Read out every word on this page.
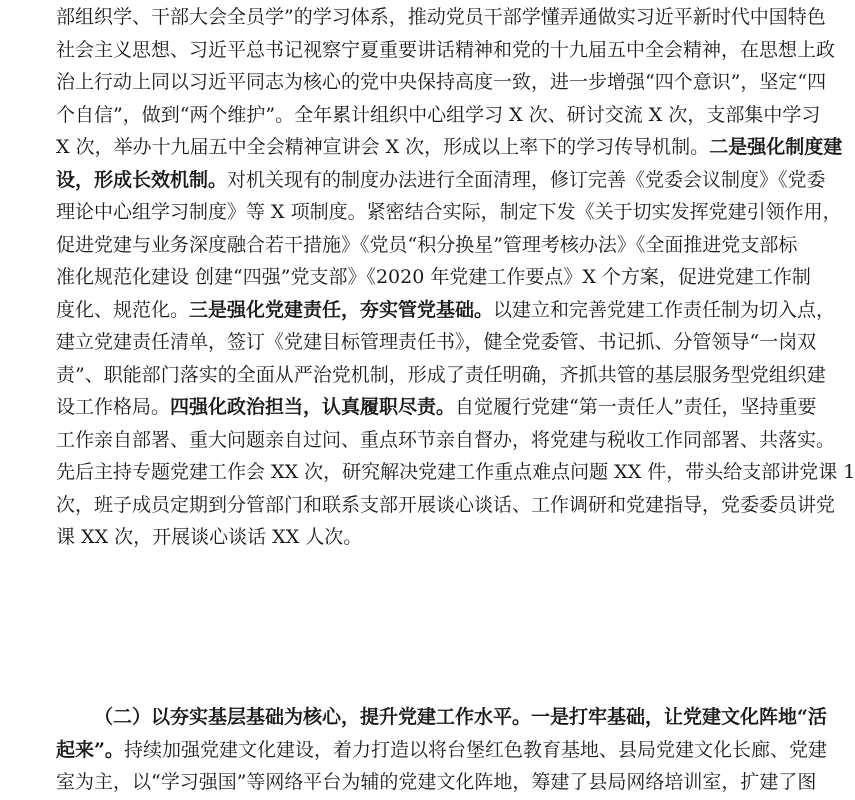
部组织学、干部大会全员学”的学习体系，推动党员干部学懂弄通做实习近平新时代中国特色
社会主义思想、习近平总书记视察宁夏重要讲话精神和党的十九届五中全会精神，在思想上政
治上行动上同以习近平同志为核心的党中央保持高度一致，进一步增强“四个意识”，坚定“四
个自信”，做到“两个维护”。全年累计组织中心组学习 X 次、研讨交流 X 次，支部集中学习
X 次，举办十九届五中全会精神宣讲会 X 次，形成以上率下的学习传导机制。二是强化制度建
设，形成长效机制。对机关现有的制度办法进行全面清理，修订完善《党委会议制度》《党委
理论中心组学习制度》等 X 项制度。紧密结合实际，制定下发《关于切实发挥党建引领作用，
促进党建与业务深度融合若干措施》《党员“积分换星”管理考核办法》《全面推进党支部标
准化规范化建设 创建“四强”党支部》《2020 年党建工作要点》X 个方案，促进党建工作制
度化、规范化。三是强化党建责任，夯实管党基础。以建立和完善党建工作责任制为切入点，
建立党建责任清单，签订《党建目标管理责任书》，健全党委管、书记抓、分管领导“一岗双
责”、职能部门落实的全面从严治党机制，形成了责任明确，齐抓共管的基层服务型党组织建
设工作格局。四强化政治担当，认真履职尽责。自觉履行党建“第一责任人”责任，坚持重要
工作亲自部署、重大问题亲自过问、重点环节亲自督办，将党建与税收工作同部署、共落实。
先后主持专题党建工作会 XX 次，研究解决党建工作重点难点问题 XX 件，带头给支部讲党课 1
次，班子成员定期到分管部门和联系支部开展谈心谈话、工作调研和党建指导，党委委员讲党
课 XX 次，开展谈心谈话 XX 人次。
（二）以夯实基层基础为核心，提升党建工作水平。一是打牢基础，让党建文化阵地“活
起来”。持续加强党建文化建设，着力打造以将台堡红色教育基地、县局党建文化长廊、党建
室为主，以“学习强国”等网络平台为辅的党建文化阵地，筹建了县局网络培训室，扩建了图
